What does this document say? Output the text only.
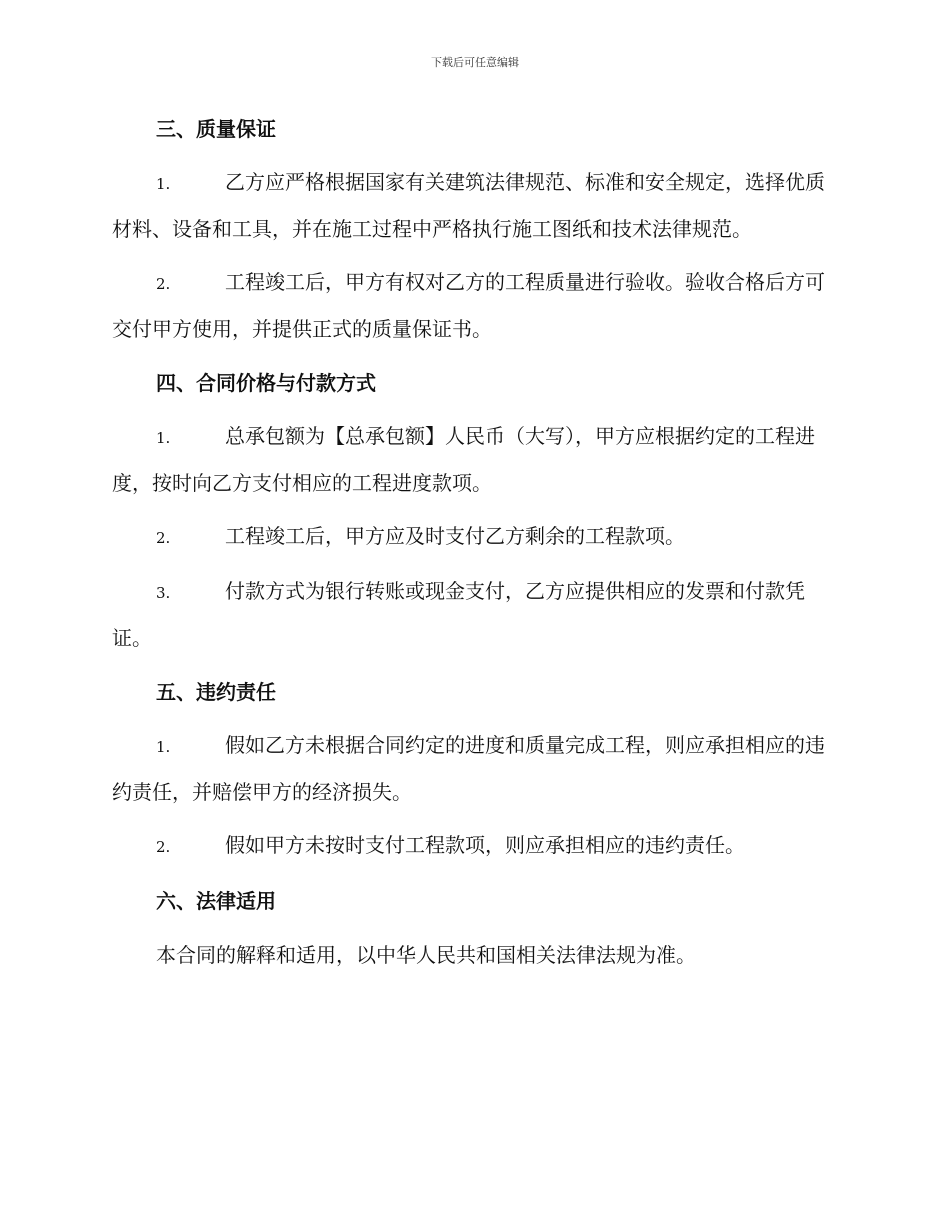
下载后可任意编辑
三、质量保证

1.	乙方应严格根据国家有关建筑法律规范、标准和安全规定，选择优质材料、设备和工具，并在施工过程中严格执行施工图纸和技术法律规范。

2.	工程竣工后，甲方有权对乙方的工程质量进行验收。验收合格后方可交付甲方使用，并提供正式的质量保证书。

四、合同价格与付款方式

1.	总承包额为【总承包额】人民币（大写），甲方应根据约定的工程进度，按时向乙方支付相应的工程进度款项。

2.	工程竣工后，甲方应及时支付乙方剩余的工程款项。

3.	付款方式为银行转账或现金支付，乙方应提供相应的发票和付款凭证。

五、违约责任

1.	假如乙方未根据合同约定的进度和质量完成工程，则应承担相应的违约责任，并赔偿甲方的经济损失。

2.	假如甲方未按时支付工程款项，则应承担相应的违约责任。

六、法律适用

本合同的解释和适用，以中华人民共和国相关法律法规为准。
